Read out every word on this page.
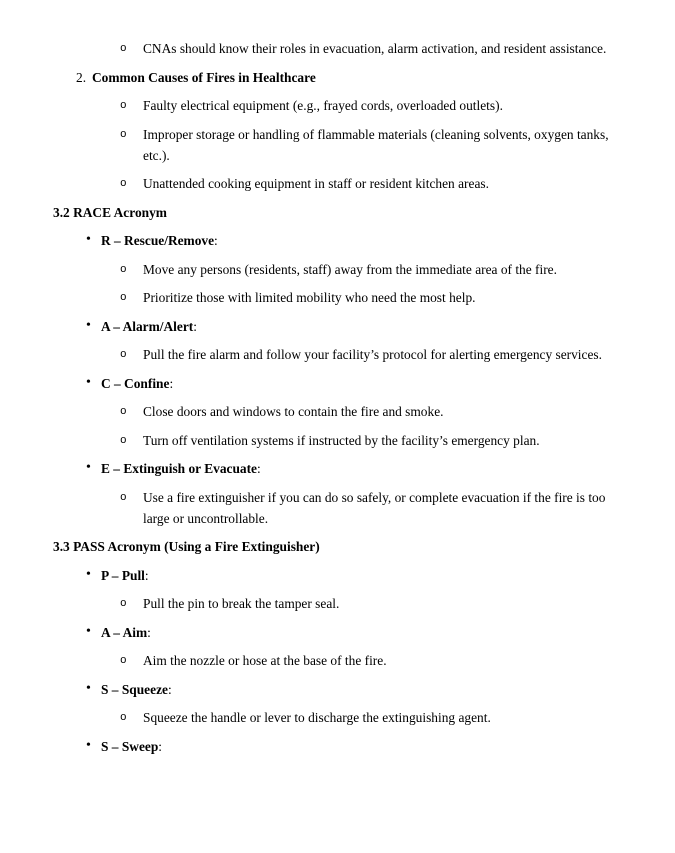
o CNAs should know their roles in evacuation, alarm activation, and resident assistance.
2. Common Causes of Fires in Healthcare
o Faulty electrical equipment (e.g., frayed cords, overloaded outlets).
o Improper storage or handling of flammable materials (cleaning solvents, oxygen tanks, etc.).
o Unattended cooking equipment in staff or resident kitchen areas.
3.2 RACE Acronym
• R – Rescue/Remove:
o Move any persons (residents, staff) away from the immediate area of the fire.
o Prioritize those with limited mobility who need the most help.
• A – Alarm/Alert:
o Pull the fire alarm and follow your facility’s protocol for alerting emergency services.
• C – Confine:
o Close doors and windows to contain the fire and smoke.
o Turn off ventilation systems if instructed by the facility’s emergency plan.
• E – Extinguish or Evacuate:
o Use a fire extinguisher if you can do so safely, or complete evacuation if the fire is too large or uncontrollable.
3.3 PASS Acronym (Using a Fire Extinguisher)
• P – Pull:
o Pull the pin to break the tamper seal.
• A – Aim:
o Aim the nozzle or hose at the base of the fire.
• S – Squeeze:
o Squeeze the handle or lever to discharge the extinguishing agent.
• S – Sweep:
